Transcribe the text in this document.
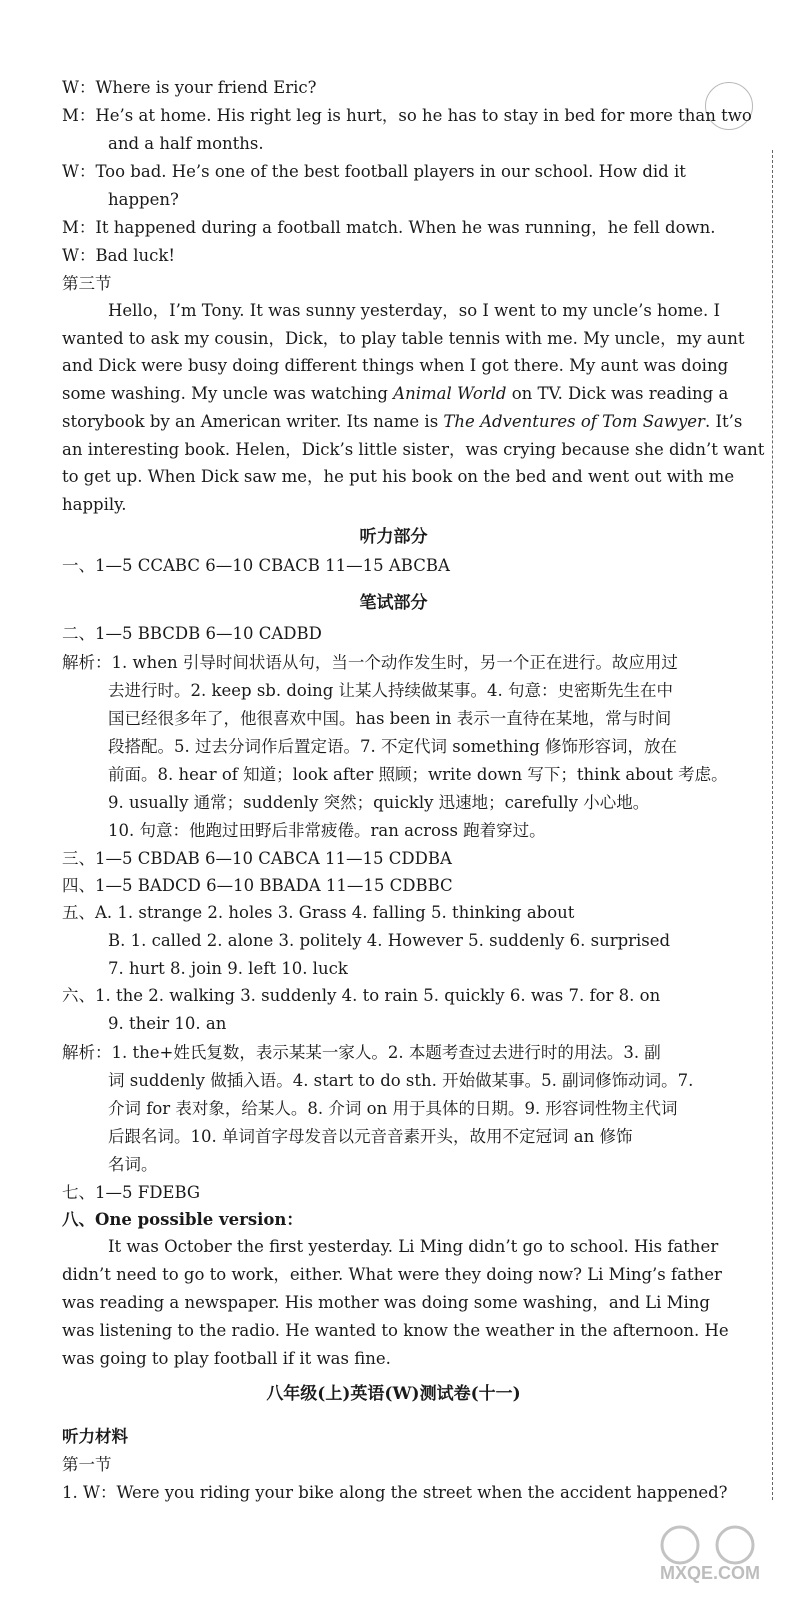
W：Where is your friend Eric?
M：He’s at home. His right leg is hurt，so he has to stay in bed for more than two
and a half months.
W：Too bad. He’s one of the best football players in our school. How did it
happen?
M：It happened during a football match. When he was running，he fell down.
W：Bad luck!
第三节
Hello，I’m Tony. It was sunny yesterday，so I went to my uncle’s home. I
wanted to ask my cousin，Dick，to play table tennis with me. My uncle，my aunt
and Dick were busy doing different things when I got there. My aunt was doing
some washing. My uncle was watching Animal World on TV. Dick was reading a
storybook by an American writer. Its name is The Adventures of Tom Sawyer. It’s
an interesting book. Helen，Dick’s little sister，was crying because she didn’t want
to get up. When Dick saw me，he put his book on the bed and went out with me
happily.
听力部分
一、1—5 CCABC 6—10 CBACB 11—15 ABCBA
笔试部分
二、1—5 BBCDB 6—10 CADBD
解析：1. when 引导时间状语从句，当一个动作发生时，另一个正在进行。故应用过
去进行时。2. keep sb. doing 让某人持续做某事。4. 句意：史密斯先生在中
国已经很多年了，他很喜欢中国。has been in 表示一直待在某地，常与时间
段搭配。5. 过去分词作后置定语。7. 不定代词 something 修饰形容词，放在
前面。8. hear of 知道；look after 照顾；write down 写下；think about 考虑。
9. usually 通常；suddenly 突然；quickly 迅速地；carefully 小心地。
10. 句意：他跑过田野后非常疲倦。ran across 跑着穿过。
三、1—5 CBDAB 6—10 CABCA 11—15 CDDBA
四、1—5 BADCD 6—10 BBADA 11—15 CDBBC
五、A. 1. strange 2. holes 3. Grass 4. falling 5. thinking about
B. 1. called 2. alone 3. politely 4. However 5. suddenly 6. surprised
7. hurt 8. join 9. left 10. luck
六、1. the 2. walking 3. suddenly 4. to rain 5. quickly 6. was 7. for 8. on
9. their 10. an
解析：1. the+姓氏复数，表示某某一家人。2. 本题考查过去进行时的用法。3. 副
词 suddenly 做插入语。4. start to do sth. 开始做某事。5. 副词修饰动词。7.
介词 for 表对象，给某人。8. 介词 on 用于具体的日期。9. 形容词性物主代词
后跟名词。10. 单词首字母发音以元音音素开头，故用不定冠词 an 修饰
名词。
七、1—5 FDEBG
八、One possible version：
It was October the first yesterday. Li Ming didn’t go to school. His father
didn’t need to go to work，either. What were they doing now? Li Ming’s father
was reading a newspaper. His mother was doing some washing，and Li Ming
was listening to the radio. He wanted to know the weather in the afternoon. He
was going to play football if it was fine.
八年级(上)英语(W)测试卷(十一)
听力材料
第一节
1. W：Were you riding your bike along the street when the accident happened?
MXQE.COM
